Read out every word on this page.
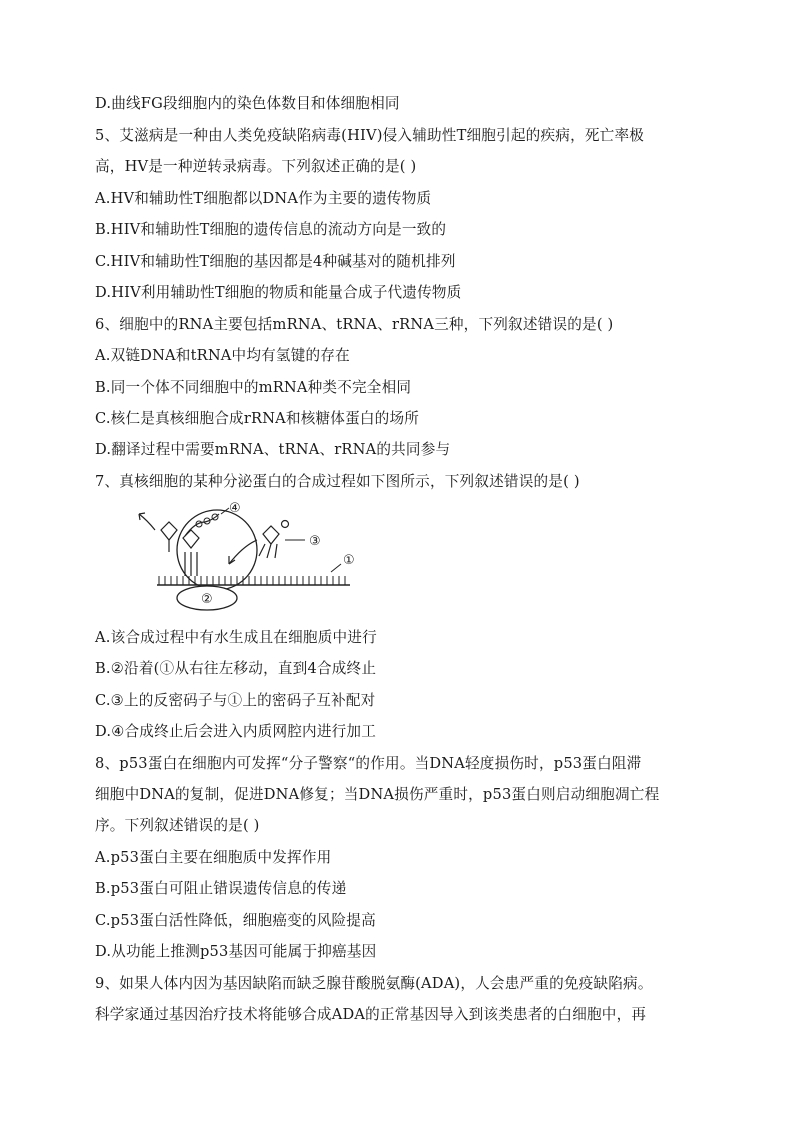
D.曲线FG段细胞内的染色体数目和体细胞相同
5、艾滋病是一种由人类免疫缺陷病毒(HIV)侵入辅助性T细胞引起的疾病，死亡率极
高，HV是一种逆转录病毒。下列叙述正确的是( )
A.HV和辅助性T细胞都以DNA作为主要的遗传物质
B.HIV和辅助性T细胞的遗传信息的流动方向是一致的
C.HIV和辅助性T细胞的基因都是4种碱基对的随机排列
D.HIV利用辅助性T细胞的物质和能量合成子代遗传物质
6、细胞中的RNA主要包括mRNA、tRNA、rRNA三种，下列叙述错误的是( )
A.双链DNA和tRNA中均有氢键的存在
B.同一个体不同细胞中的mRNA种类不完全相同
C.核仁是真核细胞合成rRNA和核糖体蛋白的场所
D.翻译过程中需要mRNA、tRNA、rRNA的共同参与
7、真核细胞的某种分泌蛋白的合成过程如下图所示，下列叙述错误的是( )
④
③
①
②
A.该合成过程中有水生成且在细胞质中进行
B.②沿着(①从右往左移动，直到4合成终止
C.③上的反密码子与①上的密码子互补配对
D.④合成终止后会进入内质网腔内进行加工
8、p53蛋白在细胞内可发挥“分子警察“的作用。当DNA轻度损伤时，p53蛋白阻滞
细胞中DNA的复制，促进DNA修复；当DNA损伤严重时，p53蛋白则启动细胞凋亡程
序。下列叙述错误的是( )
A.p53蛋白主要在细胞质中发挥作用
B.p53蛋白可阻止错误遗传信息的传递
C.p53蛋白活性降低，细胞癌变的风险提高
D.从功能上推测p53基因可能属于抑癌基因
9、如果人体内因为基因缺陷而缺乏腺苷酸脱氨酶(ADA)，人会患严重的免疫缺陷病。
科学家通过基因治疗技术将能够合成ADA的正常基因导入到该类患者的白细胞中，再
